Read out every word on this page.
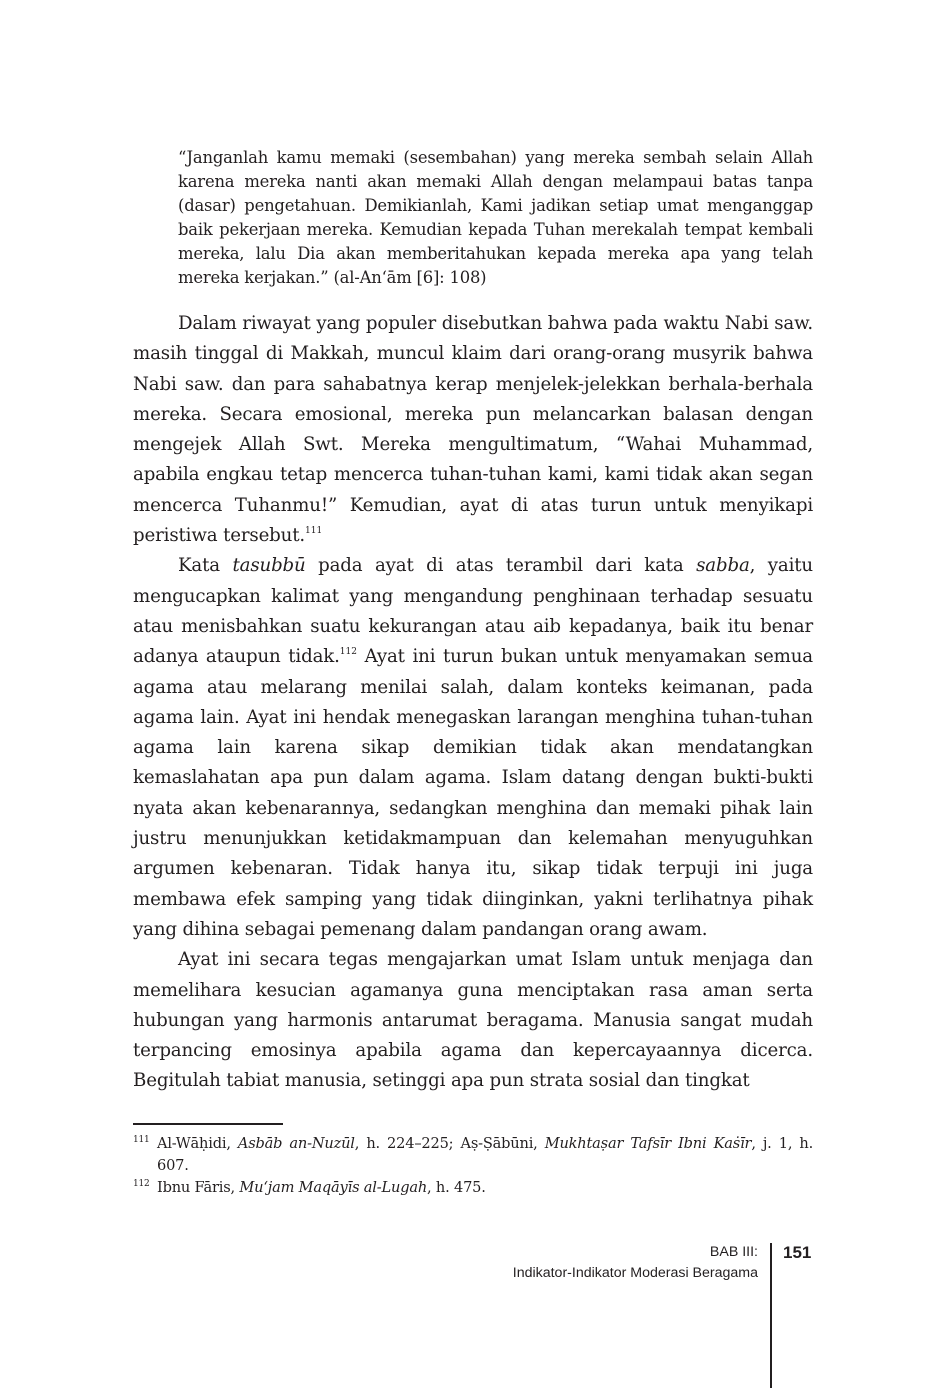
“Janganlah kamu memaki (sesembahan) yang mereka sembah selain Allah karena mereka nanti akan memaki Allah dengan melampaui batas tanpa (dasar) pengetahuan. Demikianlah, Kami jadikan setiap umat menganggap baik pekerjaan mereka. Kemudian kepada Tuhan merekalah tempat kembali mereka, lalu Dia akan memberitahukan kepada mereka apa yang telah mereka kerjakan.” (al-An‘ām [6]: 108)

Dalam riwayat yang populer disebutkan bahwa pada waktu Nabi saw. masih tinggal di Makkah, muncul klaim dari orang-orang musyrik bahwa Nabi saw. dan para sahabatnya kerap menjelek-jelekkan berhala-berhala mereka. Secara emosional, mereka pun melancarkan balasan dengan mengejek Allah Swt. Mereka mengultimatum, “Wahai Muhammad, apabila engkau tetap mencerca tuhan-tuhan kami, kami tidak akan segan mencerca Tuhanmu!” Kemudian, ayat di atas turun untuk menyikapi peristiwa tersebut.$^{111}$

Kata tasubbū pada ayat di atas terambil dari kata sabba, yaitu mengucapkan kalimat yang mengandung penghinaan terhadap sesuatu atau menisbahkan suatu kekurangan atau aib kepadanya, baik itu benar adanya ataupun tidak.$^{112}$ Ayat ini turun bukan untuk menyamakan semua agama atau melarang menilai salah, dalam konteks keimanan, pada agama lain. Ayat ini hendak menegaskan larangan menghina tuhan-tuhan agama lain karena sikap demikian tidak akan mendatangkan kemaslahatan apa pun dalam agama. Islam datang dengan bukti-bukti nyata akan kebenarannya, sedangkan menghina dan memaki pihak lain justru menunjukkan ketidakmampuan dan kelemahan menyuguhkan argumen kebenaran. Tidak hanya itu, sikap tidak terpuji ini juga membawa efek samping yang tidak diinginkan, yakni terlihatnya pihak yang dihina sebagai pemenang dalam pandangan orang awam.

Ayat ini secara tegas mengajarkan umat Islam untuk menjaga dan memelihara kesucian agamanya guna menciptakan rasa aman serta hubungan yang harmonis antarumat beragama. Manusia sangat mudah terpancing emosinya apabila agama dan kepercayaannya dicerca. Begitulah tabiat manusia, setinggi apa pun strata sosial dan tingkat

111 Al-Wāḥidi, Asbāb an-Nuzūl, h. 224–225; Aṣ-Ṣābūni, Mukhtaṣar Tafsīr Ibni Kaṡīr, j. 1, h. 607.

112 Ibnu Fāris, Mu‘jam Maqāyīs al-Lugah, h. 475.

BAB III:
Indikator-Indikator Moderasi Beragama
151
